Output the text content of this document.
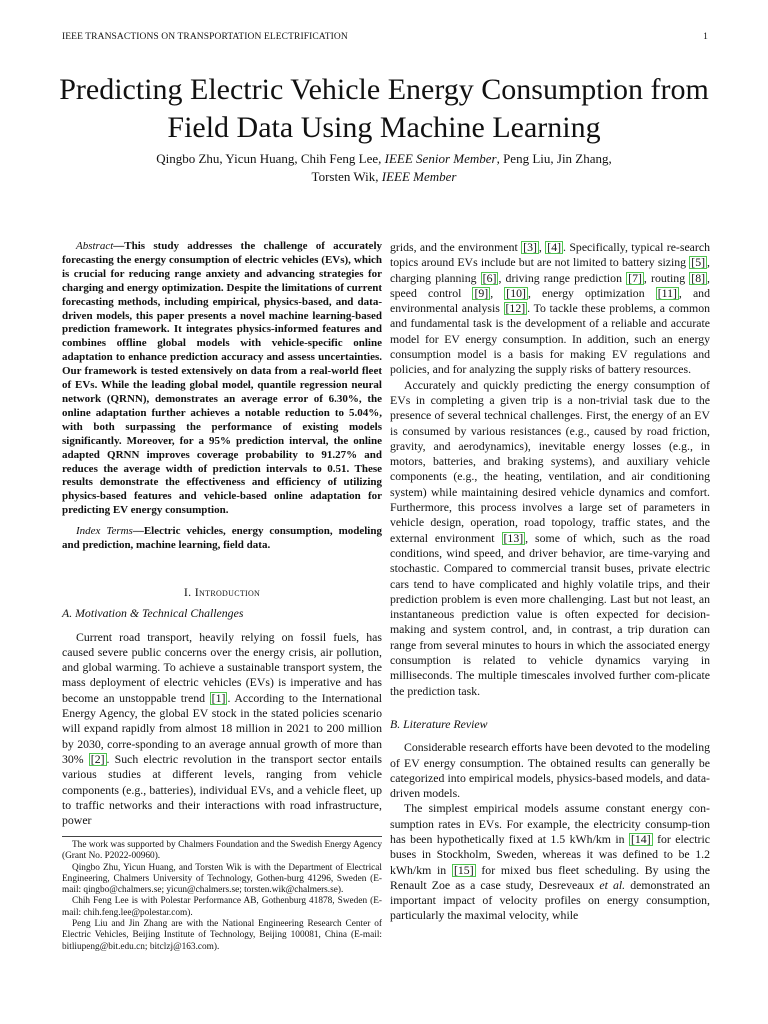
IEEE TRANSACTIONS ON TRANSPORTATION ELECTRIFICATION	1
Predicting Electric Vehicle Energy Consumption from Field Data Using Machine Learning
Qingbo Zhu, Yicun Huang, Chih Feng Lee, IEEE Senior Member, Peng Liu, Jin Zhang,
Torsten Wik, IEEE Member

Abstract—This study addresses the challenge of accurately forecasting the energy consumption of electric vehicles (EVs), which is crucial for reducing range anxiety and advancing strategies for charging and energy optimization. Despite the limitations of current forecasting methods, including empirical, physics-based, and data-driven models, this paper presents a novel machine learning-based prediction framework. It integrates physics-informed features and combines offline global models with vehicle-specific online adaptation to enhance prediction accuracy and assess uncertainties. Our framework is tested extensively on data from a real-world fleet of EVs. While the leading global model, quantile regression neural network (QRNN), demonstrates an average error of 6.30%, the online adaptation further achieves a notable reduction to 5.04%, with both surpassing the performance of existing models significantly. Moreover, for a 95% prediction interval, the online adapted QRNN improves coverage probability to 91.27% and reduces the average width of prediction intervals to 0.51. These results demonstrate the effectiveness and efficiency of utilizing physics-based features and vehicle-based online adaptation for predicting EV energy consumption.

Index Terms—Electric vehicles, energy consumption, modeling and prediction, machine learning, field data.

I. Introduction
A. Motivation & Technical Challenges

Current road transport, heavily relying on fossil fuels, has caused severe public concerns over the energy crisis, air pollution, and global warming. To achieve a sustainable transport system, the mass deployment of electric vehicles (EVs) is imperative and has become an unstoppable trend [1] . According to the International Energy Agency, the global EV stock in the stated policies scenario will expand rapidly from almost 18 million in 2021 to 200 million by 2030, corre-sponding to an average annual growth of more than 30% [2] . Such electric revolution in the transport sector entails various studies at different levels, ranging from vehicle components (e.g., batteries), individual EVs, and a vehicle fleet, up to traffic networks and their interactions with road infrastructure, power

The work was supported by Chalmers Foundation and the Swedish Energy Agency (Grant No. P2022-00960).

Qingbo Zhu, Yicun Huang, and Torsten Wik is with the Department of Electrical Engineering, Chalmers University of Technology, Gothen-burg 41296, Sweden (E-mail: qingbo@chalmers.se; yicun@chalmers.se; torsten.wik@chalmers.se).

Chih Feng Lee is with Polestar Performance AB, Gothenburg 41878, Sweden (E-mail: chih.feng.lee@polestar.com).

Peng Liu and Jin Zhang are with the National Engineering Research Center of Electric Vehicles, Beijing Institute of Technology, Beijing 100081, China (E-mail: bitliupeng@bit.edu.cn; bitclzj@163.com).

grids, and the environment [3] , [4] . Specifically, typical re-search topics around EVs include but are not limited to battery sizing [5] , charging planning [6] , driving range prediction [7] , routing [8] , speed control [9] , [10] , energy optimization [11] , and environmental analysis [12] . To tackle these problems, a common and fundamental task is the development of a reliable and accurate model for EV energy consumption. In addition, such an energy consumption model is a basis for making EV regulations and policies, and for analyzing the supply risks of battery resources.

Accurately and quickly predicting the energy consumption of EVs in completing a given trip is a non-trivial task due to the presence of several technical challenges. First, the energy of an EV is consumed by various resistances (e.g., caused by road friction, gravity, and aerodynamics), inevitable energy losses (e.g., in motors, batteries, and braking systems), and auxiliary vehicle components (e.g., the heating, ventilation, and air conditioning system) while maintaining desired vehicle dynamics and comfort. Furthermore, this process involves a large set of parameters in vehicle design, operation, road topology, traffic states, and the external environment [13] , some of which, such as the road conditions, wind speed, and driver behavior, are time-varying and stochastic. Compared to commercial transit buses, private electric cars tend to have complicated and highly volatile trips, and their prediction problem is even more challenging. Last but not least, an instantaneous prediction value is often expected for decision-making and system control, and, in contrast, a trip duration can range from several minutes to hours in which the associated energy consumption is related to vehicle dynamics varying in milliseconds. The multiple timescales involved further com-plicate the prediction task.

B. Literature Review

Considerable research efforts have been devoted to the modeling of EV energy consumption. The obtained results can generally be categorized into empirical models, physics-based models, and data-driven models.

The simplest empirical models assume constant energy con-sumption rates in EVs. For example, the electricity consump-tion has been hypothetically fixed at 1.5 kWh/km in [14] for electric buses in Stockholm, Sweden, whereas it was defined to be 1.2 kWh/km in [15] for mixed bus fleet scheduling. By using the Renault Zoe as a case study, Desreveaux et al. demonstrated an important impact of velocity profiles on energy consumption, particularly the maximal velocity, while
